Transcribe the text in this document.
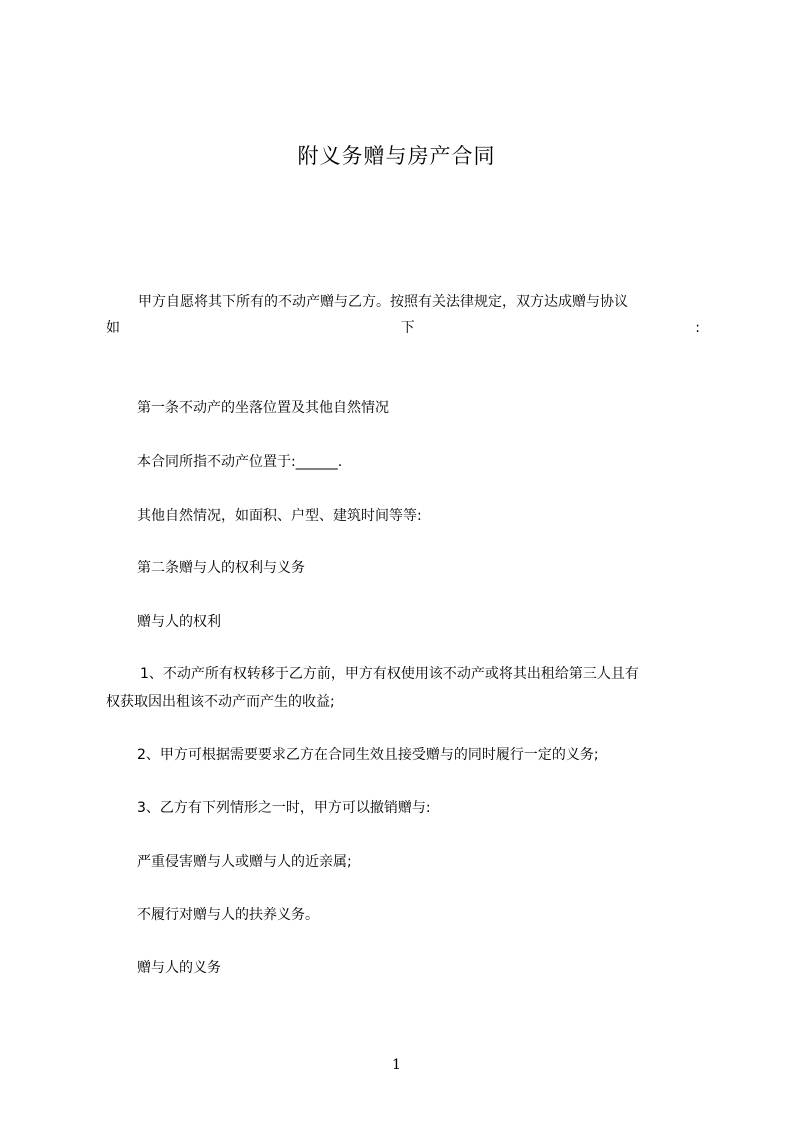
附义务赠与房产合同
甲方自愿将其下所有的不动产赠与乙方。按照有关法律规定，双方达成赠与协议
如	下	:
第一条不动产的坐落位置及其他自然情况
本合同所指不动产位置于:______.
其他自然情况，如面积、户型、建筑时间等等:
第二条赠与人的权利与义务
赠与人的权利
1、不动产所有权转移于乙方前，甲方有权使用该不动产或将其出租给第三人且有
权获取因出租该不动产而产生的收益;
2、甲方可根据需要要求乙方在合同生效且接受赠与的同时履行一定的义务;
3、乙方有下列情形之一时，甲方可以撤销赠与:
严重侵害赠与人或赠与人的近亲属;
不履行对赠与人的扶养义务。
赠与人的义务
1
